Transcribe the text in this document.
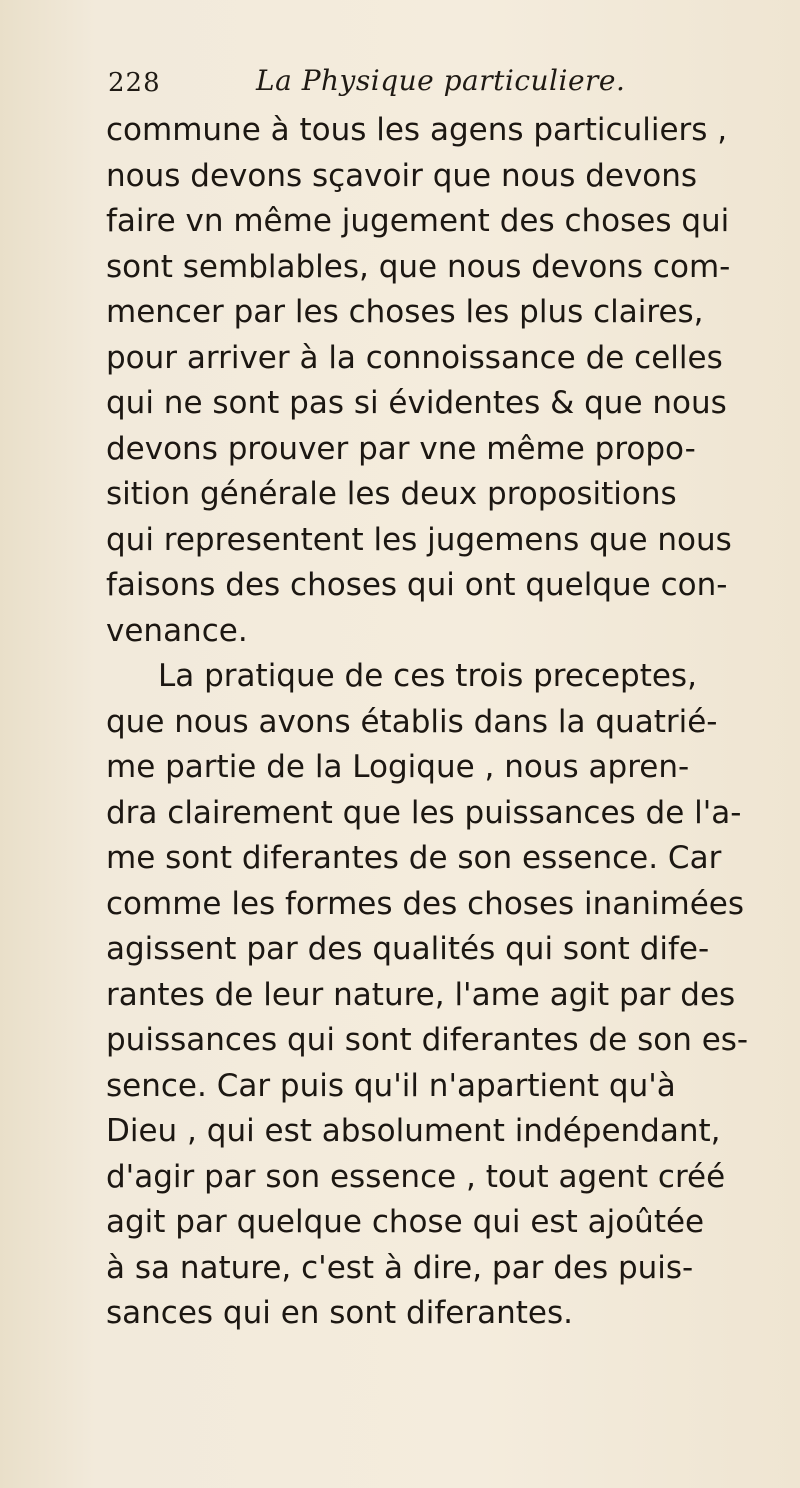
228	La Physique particuliere.
commune à tous les agens particuliers ,
nous devons sçavoir que nous devons
faire vn même jugement des choses qui
sont semblables, que nous devons com-
mencer par les choses les plus claires,
pour arriver à la connoissance de celles
qui ne sont pas si évidentes & que nous
devons prouver par vne même propo-
sition générale les deux propositions
qui representent les jugemens que nous
faisons des choses qui ont quelque con-
venance.
La pratique de ces trois preceptes,
que nous avons établis dans la quatrié-
me partie de la Logique , nous apren-
dra clairement que les puissances de l'a-
me sont diferantes de son essence. Car
comme les formes des choses inanimées
agissent par des qualités qui sont dife-
rantes de leur nature, l'ame agit par des
puissances qui sont diferantes de son es-
sence. Car puis qu'il n'apartient qu'à
Dieu , qui est absolument indépendant,
d'agir par son essence , tout agent créé
agit par quelque chose qui est ajoûtée
à sa nature, c'est à dire, par des puis-
sances qui en sont diferantes.
